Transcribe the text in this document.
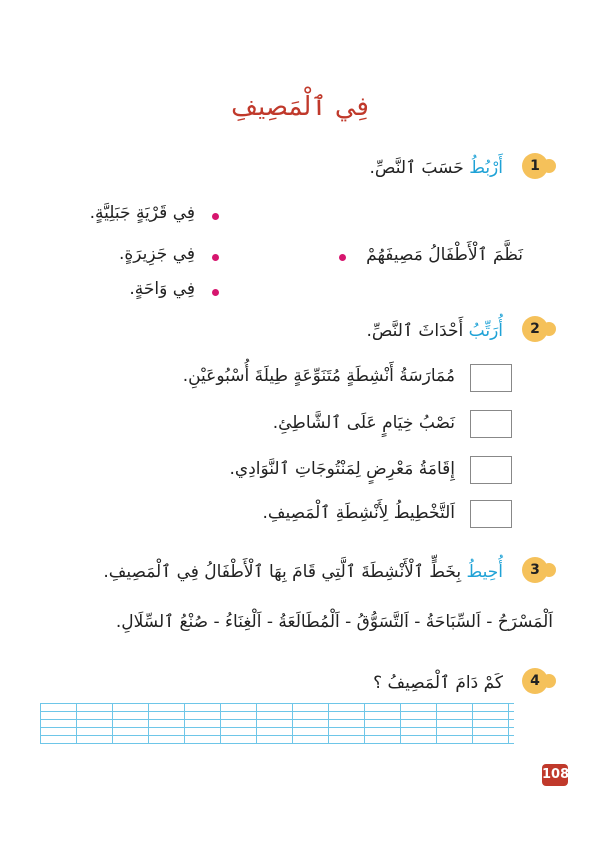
فِي ٱلْمَصِيفِ
1
أَرْبُطُ حَسَبَ ٱلنَّصِّ.
فِي قَرْيَةٍ جَبَلِيَّةٍ.
فِي جَزِيرَةٍ.
فِي وَاحَةٍ.
نَظَّمَ ٱلْأَطْفَالُ مَصِيفَهُمْ
2
أُرَتِّبُ أَحْدَاثَ ٱلنَّصِّ.
مُمَارَسَةُ أَنْشِطَةٍ مُتَنَوِّعَةٍ طِيلَةَ أُسْبُوعَيْنِ.
نَصْبُ خِيَامٍ عَلَى ٱلشَّاطِئِ.
إِقَامَةُ مَعْرِضٍ لِمَنْتُوجَاتِ ٱلنَّوَادِي.
اَلتَّخْطِيطُ لِأَنْشِطَةِ ٱلْمَصِيفِ.
3
أُحِيطُ بِخَطٍّ ٱلْأَنْشِطَةَ ٱلَّتِي قَامَ بِهَا ٱلْأَطْفَالُ فِي ٱلْمَصِيفِ.
اَلْمَسْرَحُ - اَلسِّبَاحَةُ - اَلتَّسَوُّقُ - اَلْمُطَالَعَةُ - اَلْغِنَاءُ - صُنْعُ ٱلسِّلَالِ.
4
كَمْ دَامَ ٱلْمَصِيفُ ؟
108
